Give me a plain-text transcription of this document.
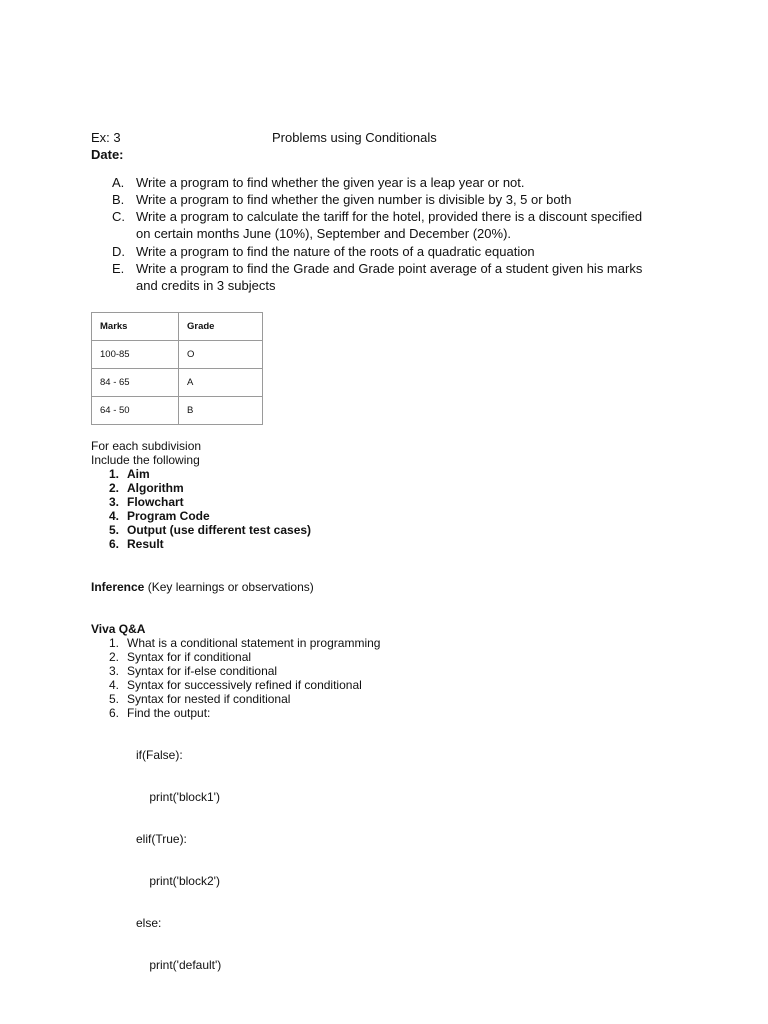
Ex: 3	Problems using Conditionals
Date:
A. Write a program to find whether the given year is a leap year or not.
B. Write a program to find whether the given number is divisible by 3, 5 or both
C. Write a program to calculate the tariff for the hotel, provided there is a discount specified
on certain months June (10%), September and December (20%).
D. Write a program to find the nature of the roots of a quadratic equation
E. Write a program to find the Grade and Grade point average of a student given his marks
and credits in 3 subjects
Marks	Grade
100-85	O
84 - 65	A
64 - 50	B
For each subdivision
Include the following
1. Aim
2. Algorithm
3. Flowchart
4. Program Code
5. Output (use different test cases)
6. Result
Inference (Key learnings or observations)
Viva Q&A
1. What is a conditional statement in programming
2. Syntax for if conditional
3. Syntax for if-else conditional
4. Syntax for successively refined if conditional
5. Syntax for nested if conditional
6. Find the output:

if(False):

print('block1')

elif(True):

print('block2')

else:

print('default')
